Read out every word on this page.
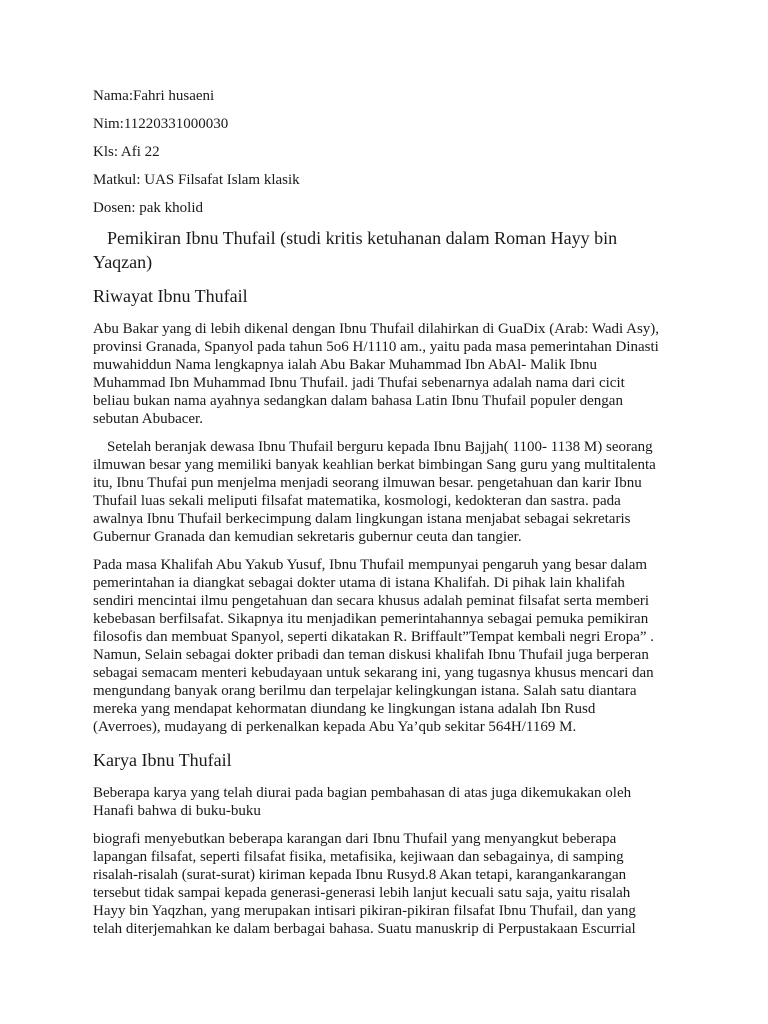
Nama:Fahri husaeni
Nim:11220331000030
Kls: Afi 22
Matkul: UAS Filsafat Islam klasik
Dosen: pak kholid
Pemikiran Ibnu Thufail (studi kritis ketuhanan dalam Roman Hayy bin Yaqzan)
Riwayat Ibnu Thufail

Abu Bakar yang di lebih dikenal dengan Ibnu Thufail dilahirkan di GuaDix (Arab: Wadi Asy), provinsi Granada, Spanyol pada tahun 5o6 H/1110 am., yaitu pada masa pemerintahan Dinasti muwahiddun Nama lengkapnya ialah Abu Bakar Muhammad Ibn AbAl- Malik Ibnu Muhammad Ibn Muhammad Ibnu Thufail. jadi Thufai sebenarnya adalah nama dari cicit beliau bukan nama ayahnya sedangkan dalam bahasa Latin Ibnu Thufail populer dengan sebutan Abubacer.

Setelah beranjak dewasa Ibnu Thufail berguru kepada Ibnu Bajjah( 1100- 1138 M) seorang ilmuwan besar yang memiliki banyak keahlian berkat bimbingan Sang guru yang multitalenta itu, Ibnu Thufai pun menjelma menjadi seorang ilmuwan besar. pengetahuan dan karir Ibnu Thufail luas sekali meliputi filsafat matematika, kosmologi, kedokteran dan sastra. pada awalnya Ibnu Thufail berkecimpung dalam lingkungan istana menjabat sebagai sekretaris Gubernur Granada dan kemudian sekretaris gubernur ceuta dan tangier.

Pada masa Khalifah Abu Yakub Yusuf, Ibnu Thufail mempunyai pengaruh yang besar dalam pemerintahan ia diangkat sebagai dokter utama di istana Khalifah. Di pihak lain khalifah sendiri mencintai ilmu pengetahuan dan secara khusus adalah peminat filsafat serta memberi kebebasan berfilsafat. Sikapnya itu menjadikan pemerintahannya sebagai pemuka pemikiran filosofis dan membuat Spanyol, seperti dikatakan R. Briffault”Tempat kembali negri Eropa” . Namun, Selain sebagai dokter pribadi dan teman diskusi khalifah Ibnu Thufail juga berperan sebagai semacam menteri kebudayaan untuk sekarang ini, yang tugasnya khusus mencari dan mengundang banyak orang berilmu dan terpelajar kelingkungan istana. Salah satu diantara mereka yang mendapat kehormatan diundang ke lingkungan istana adalah Ibn Rusd (Averroes), mudayang di perkenalkan kepada Abu Ya’qub sekitar 564H/1169 M.

Karya Ibnu Thufail

Beberapa karya yang telah diurai pada bagian pembahasan di atas juga dikemukakan oleh Hanafi bahwa di buku-buku

biografi menyebutkan beberapa karangan dari Ibnu Thufail yang menyangkut beberapa lapangan filsafat, seperti filsafat fisika, metafisika, kejiwaan dan sebagainya, di samping risalah-risalah (surat-surat) kiriman kepada Ibnu Rusyd.8 Akan tetapi, karangankarangan tersebut tidak sampai kepada generasi-generasi lebih lanjut kecuali satu saja, yaitu risalah Hayy bin Yaqzhan, yang merupakan intisari pikiran-pikiran filsafat Ibnu Thufail, dan yang telah diterjemahkan ke dalam berbagai bahasa. Suatu manuskrip di Perpustakaan Escurrial
